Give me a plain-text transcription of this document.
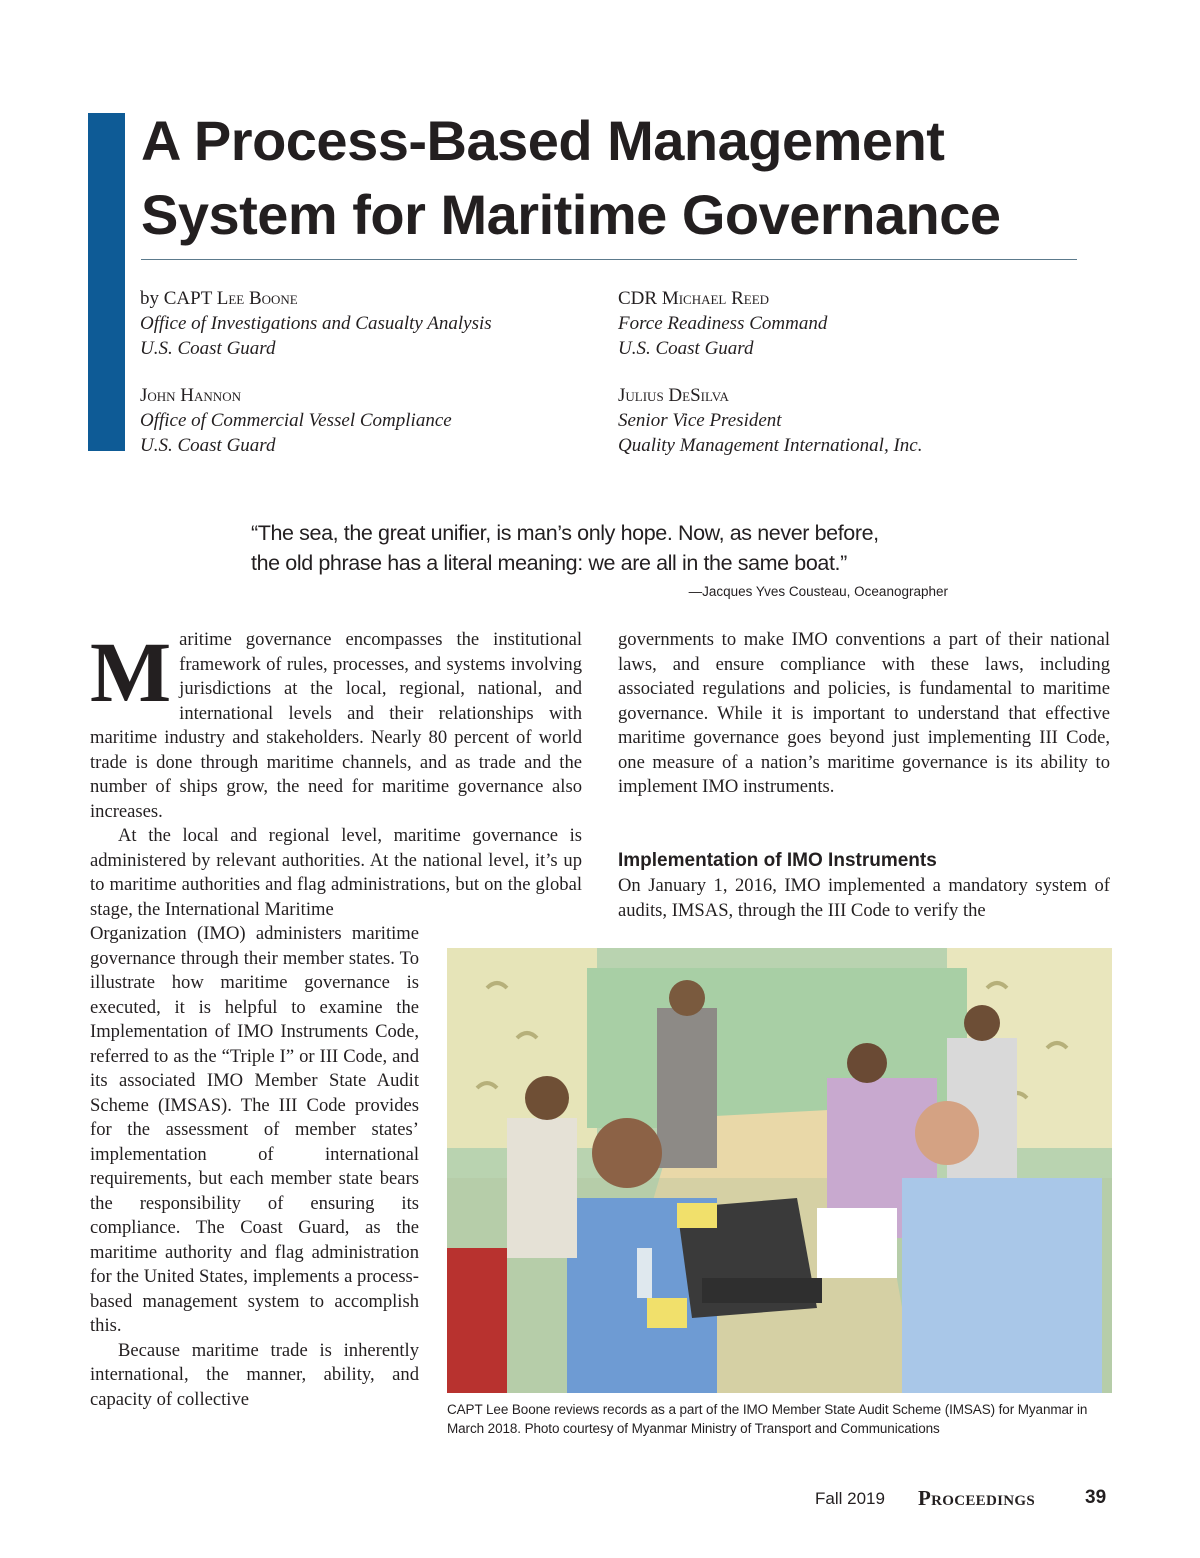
A Process-Based Management
System for Maritime Governance
by CAPT Lee Boone
Office of Investigations and Casualty Analysis
U.S. Coast Guard
CDR Michael Reed
Force Readiness Command
U.S. Coast Guard
John Hannon
Office of Commercial Vessel Compliance
U.S. Coast Guard
Julius DeSilva
Senior Vice President
Quality Management International, Inc.

“The sea, the great unifier, is man’s only hope. Now, as never before,
the old phrase has a literal meaning: we are all in the same boat.”

—Jacques Yves Cousteau, Oceanographer

Maritime governance encompasses the institutional framework of rules, processes, and systems involving jurisdictions at the local, regional, national, and international levels and their relationships with maritime industry and stakeholders. Nearly 80 percent of world trade is done through maritime channels, and as trade and the number of ships grow, the need for maritime governance also increases.

At the local and regional level, maritime governance is administered by relevant authorities. At the national level, it’s up to maritime authorities and flag administrations, but on the global stage, the International Maritime

Organization (IMO) administers maritime governance through their member states. To illustrate how maritime governance is executed, it is helpful to examine the Implementation of IMO Instruments Code, referred to as the “Triple I” or III Code, and its associated IMO Member State Audit Scheme (IMSAS). The III Code provides for the assessment of member states’ implementation of international requirements, but each member state bears the responsibility of ensuring its compliance. The Coast Guard, as the maritime authority and flag administration for the United States, implements a process-based management system to accomplish this.

Because maritime trade is inherently international, the manner, ability, and capacity of collective

governments to make IMO conventions a part of their national laws, and ensure compliance with these laws, including associated regulations and policies, is fundamental to maritime governance. While it is important to understand that effective maritime governance goes beyond just implementing III Code, one measure of a nation’s maritime governance is its ability to implement IMO instruments.

Implementation of IMO Instruments

On January 1, 2016, IMO implemented a mandatory system of audits, IMSAS, through the III Code to verify the

CAPT Lee Boone reviews records as a part of the IMO Member State Audit Scheme (IMSAS) for Myanmar in March 2018. Photo courtesy of Myanmar Ministry of Transport and Communications

Fall 2019 Proceedings	39
